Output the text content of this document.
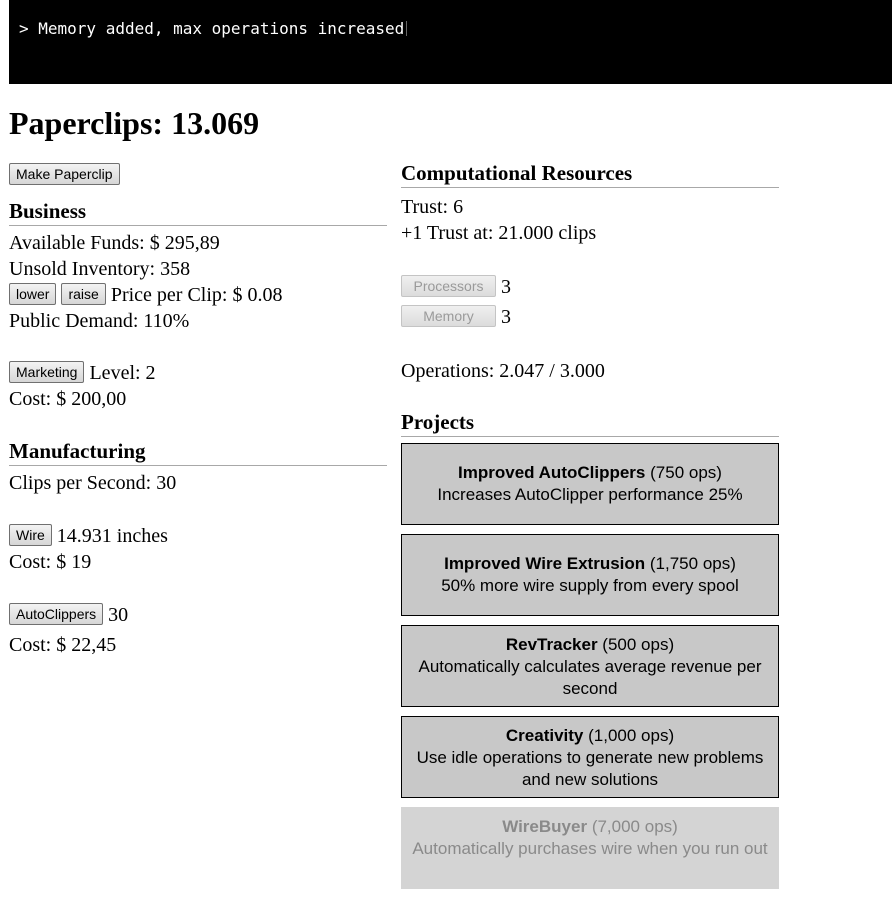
> Memory added, max operations increased

Paperclips: 13.069
Make Paperclip
Business
Available Funds: $ 295,89
Unsold Inventory: 358
lower raise Price per Clip: $ 0.08
Public Demand: 110%
Marketing Level: 2
Cost: $ 200,00
Manufacturing
Clips per Second: 30
Wire 14.931 inches
Cost: $ 19
AutoClippers 30
Cost: $ 22,45
Computational Resources
Trust: 6
+1 Trust at: 21.000 clips
Processors 3
Memory 3
Operations: 2.047 / 3.000
Projects
Improved AutoClippers (750 ops)
Increases AutoClipper performance 25%
Improved Wire Extrusion (1,750 ops)
50% more wire supply from every spool
RevTracker (500 ops)
Automatically calculates average revenue per second
Creativity (1,000 ops)
Use idle operations to generate new problems and new solutions
WireBuyer (7,000 ops)
Automatically purchases wire when you run out
